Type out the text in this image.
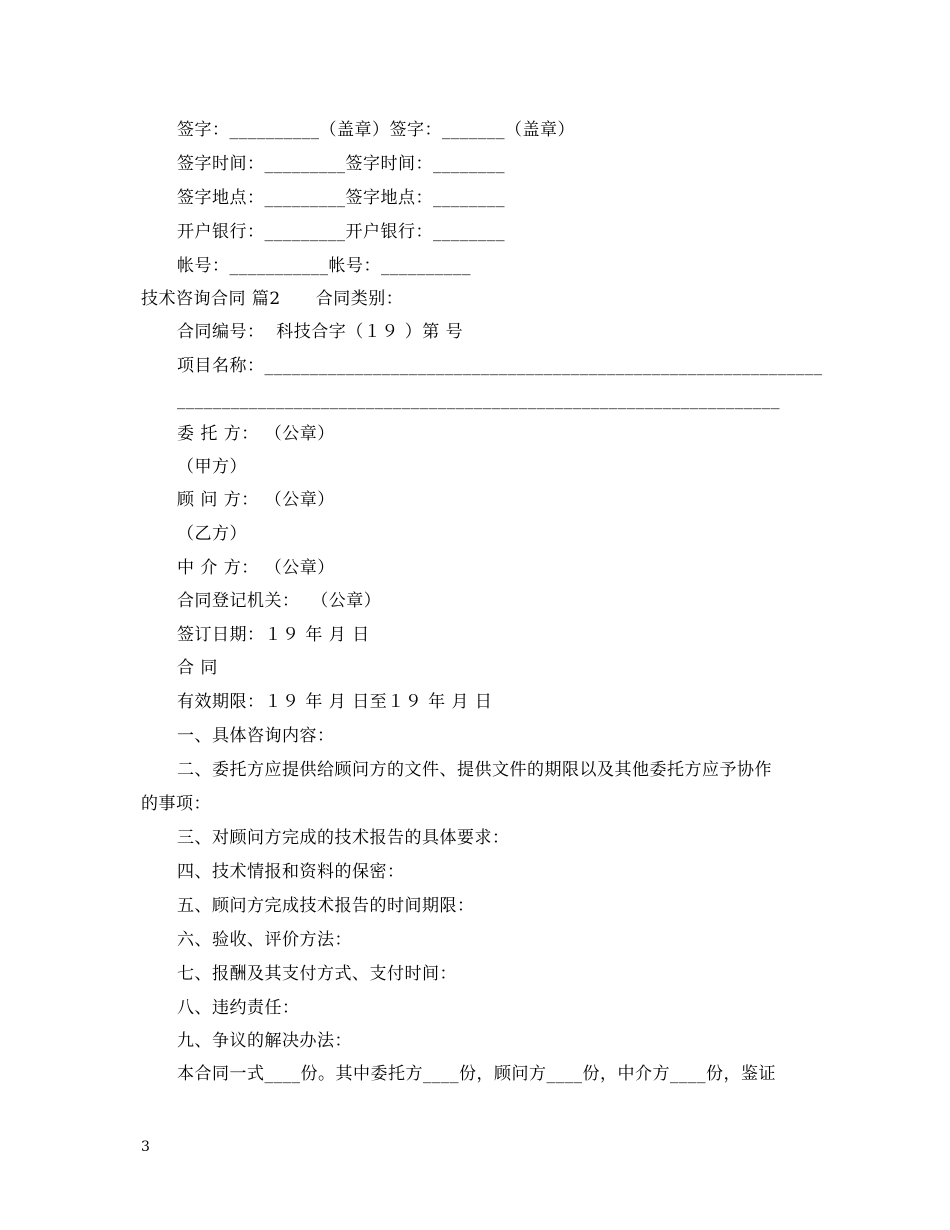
签字：__________（盖章）签字：_______（盖章）
签字时间：_________签字时间：________
签字地点：_________签字地点：________
开户银行：_________开户银行：________
帐号：___________帐号：__________
技术咨询合同 篇2　　合同类别：
合同编号：  科技合字（１９ ）第 号
项目名称：______________________________________________________________
___________________________________________________________________
委 托 方： （公章）
（甲方）
顾 问 方： （公章）
（乙方）
中 介 方： （公章）
合同登记机关：  （公章）
签订日期：１９ 年 月 日
合 同
有效期限：１９ 年 月 日至１９ 年 月 日
一、具体咨询内容：
二、委托方应提供给顾问方的文件、提供文件的期限以及其他委托方应予协作
的事项：
三、对顾问方完成的技术报告的具体要求：
四、技术情报和资料的保密：
五、顾问方完成技术报告的时间期限：
六、验收、评价方法：
七、报酬及其支付方式、支付时间：
八、违约责任：
九、争议的解决办法：
本合同一式____份。其中委托方____份，顾问方____份，中介方____份，鉴证
3
